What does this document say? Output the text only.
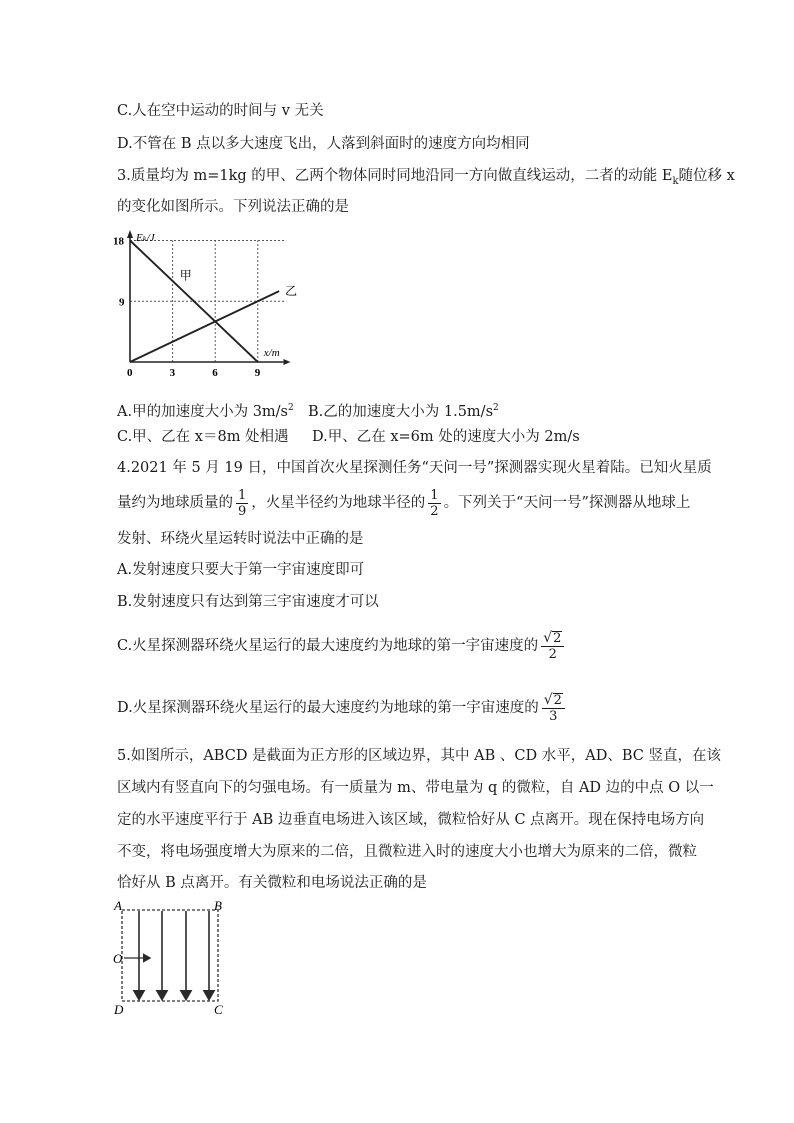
C.人在空中运动的时间与 v 无关
D.不管在 B 点以多大速度飞出，人落到斜面时的速度方向均相同
3.质量均为 m=1kg 的甲、乙两个物体同时同地沿同一方向做直线运动，二者的动能 $E_k$随位移 x
的变化如图所示。下列说法正确的是
甲
乙
0	3	6	9
9
18 Eₖ/J
x/m
A.甲的加速度大小为 $3m/s^2$ B.乙的加速度大小为 $1.5m/s^2$
C.甲、乙在 x＝8m 处相遇 D.甲、乙在 x=6m 处的速度大小为 2m/s
4.2021 年 5 月 19 日，中国首次火星探测任务“天问一号”探测器实现火星着陆。已知火星质
量约为地球质量的 $\frac{1}{9}$ ，火星半径约为地球半径的 $\frac{1}{2}$ 。下列关于“天问一号”探测器从地球上
发射、环绕火星运转时说法中正确的是
A.发射速度只要大于第一宇宙速度即可
B.发射速度只有达到第三宇宙速度才可以
C.火星探测器环绕火星运行的最大速度约为地球的第一宇宙速度的 $\frac{√ 2}{2}$
D.火星探测器环绕火星运行的最大速度约为地球的第一宇宙速度的 $\frac{√ 2}{3}$
5.如图所示，ABCD 是截面为正方形的区域边界，其中 AB 、CD 水平，AD、BC 竖直，在该
区域内有竖直向下的匀强电场。有一质量为 m、带电量为 q 的微粒，自 AD 边的中点 O 以一
定的水平速度平行于 AB 边垂直电场进入该区域，微粒恰好从 C 点离开。现在保持电场方向
不变，将电场强度增大为原来的二倍，且微粒进入时的速度大小也增大为原来的二倍，微粒
恰好从 B 点离开。有关微粒和电场说法正确的是
A	B
O
D	C
